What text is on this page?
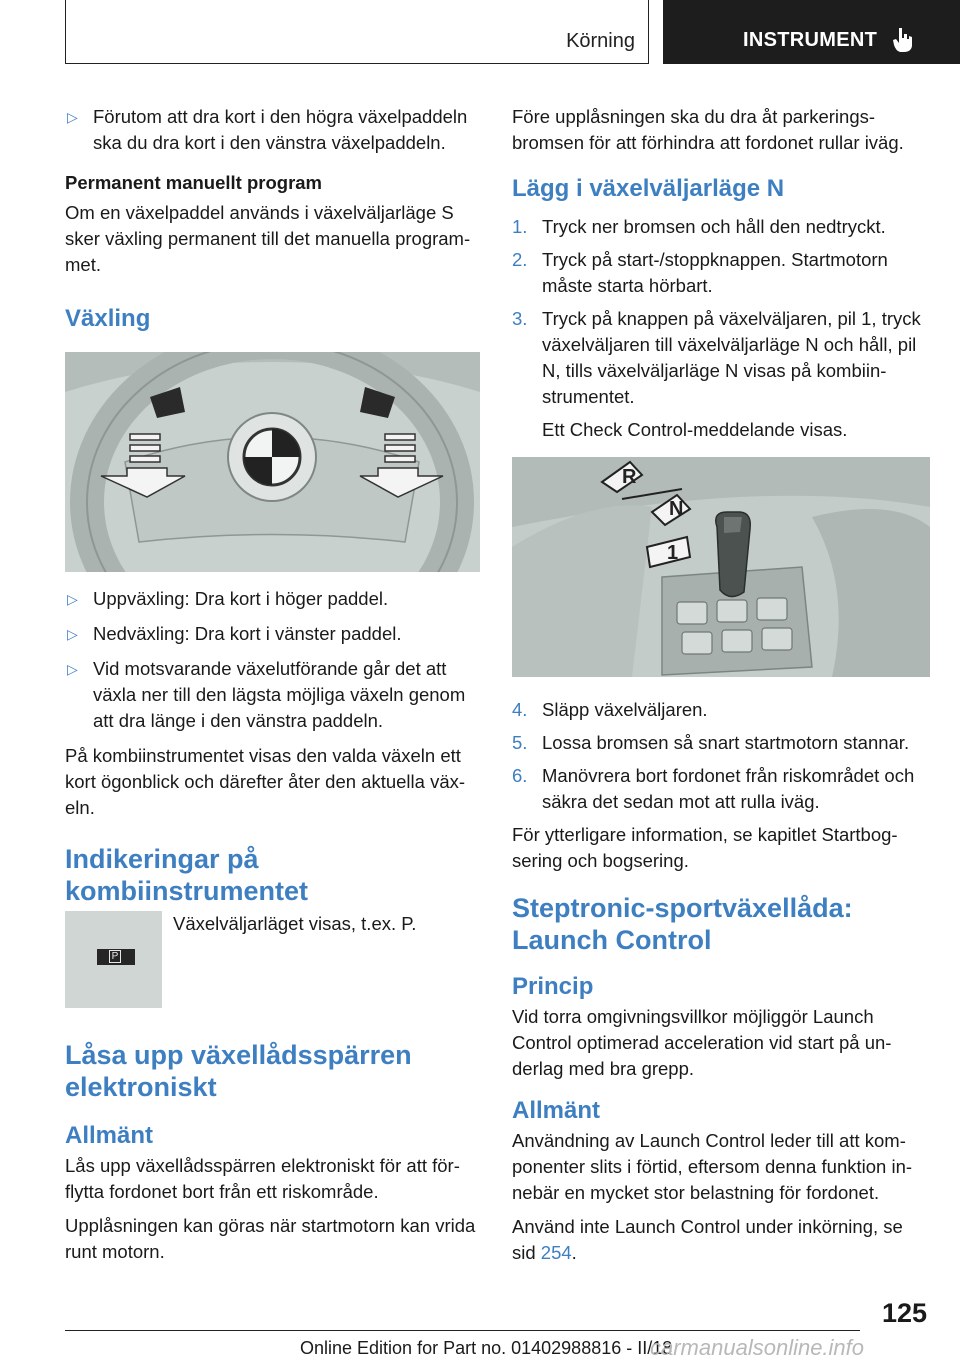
Körning	INSTRUMENT
▷ Förutom att dra kort i den högra växelpaddeln ska du dra kort i den vänstra växelpaddeln.
Permanent manuellt program
Om en växelpaddel används i växelväljarläge S sker växling permanent till det manuella programmet.
Växling
▷ Uppväxling: Dra kort i höger paddel.
▷ Nedväxling: Dra kort i vänster paddel.
▷ Vid motsvarande växelutförande går det att växla ner till den lägsta möjliga växeln genom att dra länge i den vänstra paddeln.
På kombiinstrumentet visas den valda växeln ett kort ögonblick och därefter åter den aktuella växeln.
Indikeringar på kombiinstrumentet
P
Växelväljarläget visas, t.ex. P.
Låsa upp växellådsspärren elektroniskt
Allmänt
Lås upp växellådsspärren elektroniskt för att förflytta fordonet bort från ett riskområde.
Upplåsningen kan göras när startmotorn kan vrida runt motorn.
Före upplåsningen ska du dra åt parkeringsbromsen för att förhindra att fordonet rullar iväg.
Lägg i växelväljarläge N
1. Tryck ner bromsen och håll den nedtryckt.
2. Tryck på start-/stoppknappen. Startmotorn måste starta hörbart.
3. Tryck på knappen på växelväljaren, pil 1, tryck växelväljaren till växelväljarläge N och håll, pil N, tills växelväljarläge N visas på kombiinstrumentet.
Ett Check Control-meddelande visas.
R
N
1
4. Släpp växelväljaren.
5. Lossa bromsen så snart startmotorn stannar.
6. Manövrera bort fordonet från riskområdet och säkra det sedan mot att rulla iväg.
För ytterligare information, se kapitlet Startbogsering och bogsering.
Steptronic-sportväxellåda: Launch Control
Princip
Vid torra omgivningsvillkor möjliggör Launch Control optimerad acceleration vid start på underlag med bra grepp.
Allmänt
Användning av Launch Control leder till att komponenter slits i förtid, eftersom denna funktion innebär en mycket stor belastning för fordonet.
Använd inte Launch Control under inkörning, se sid 254.
125
Online Edition for Part no. 01402988816 - II/18
carmanualsonline.info
